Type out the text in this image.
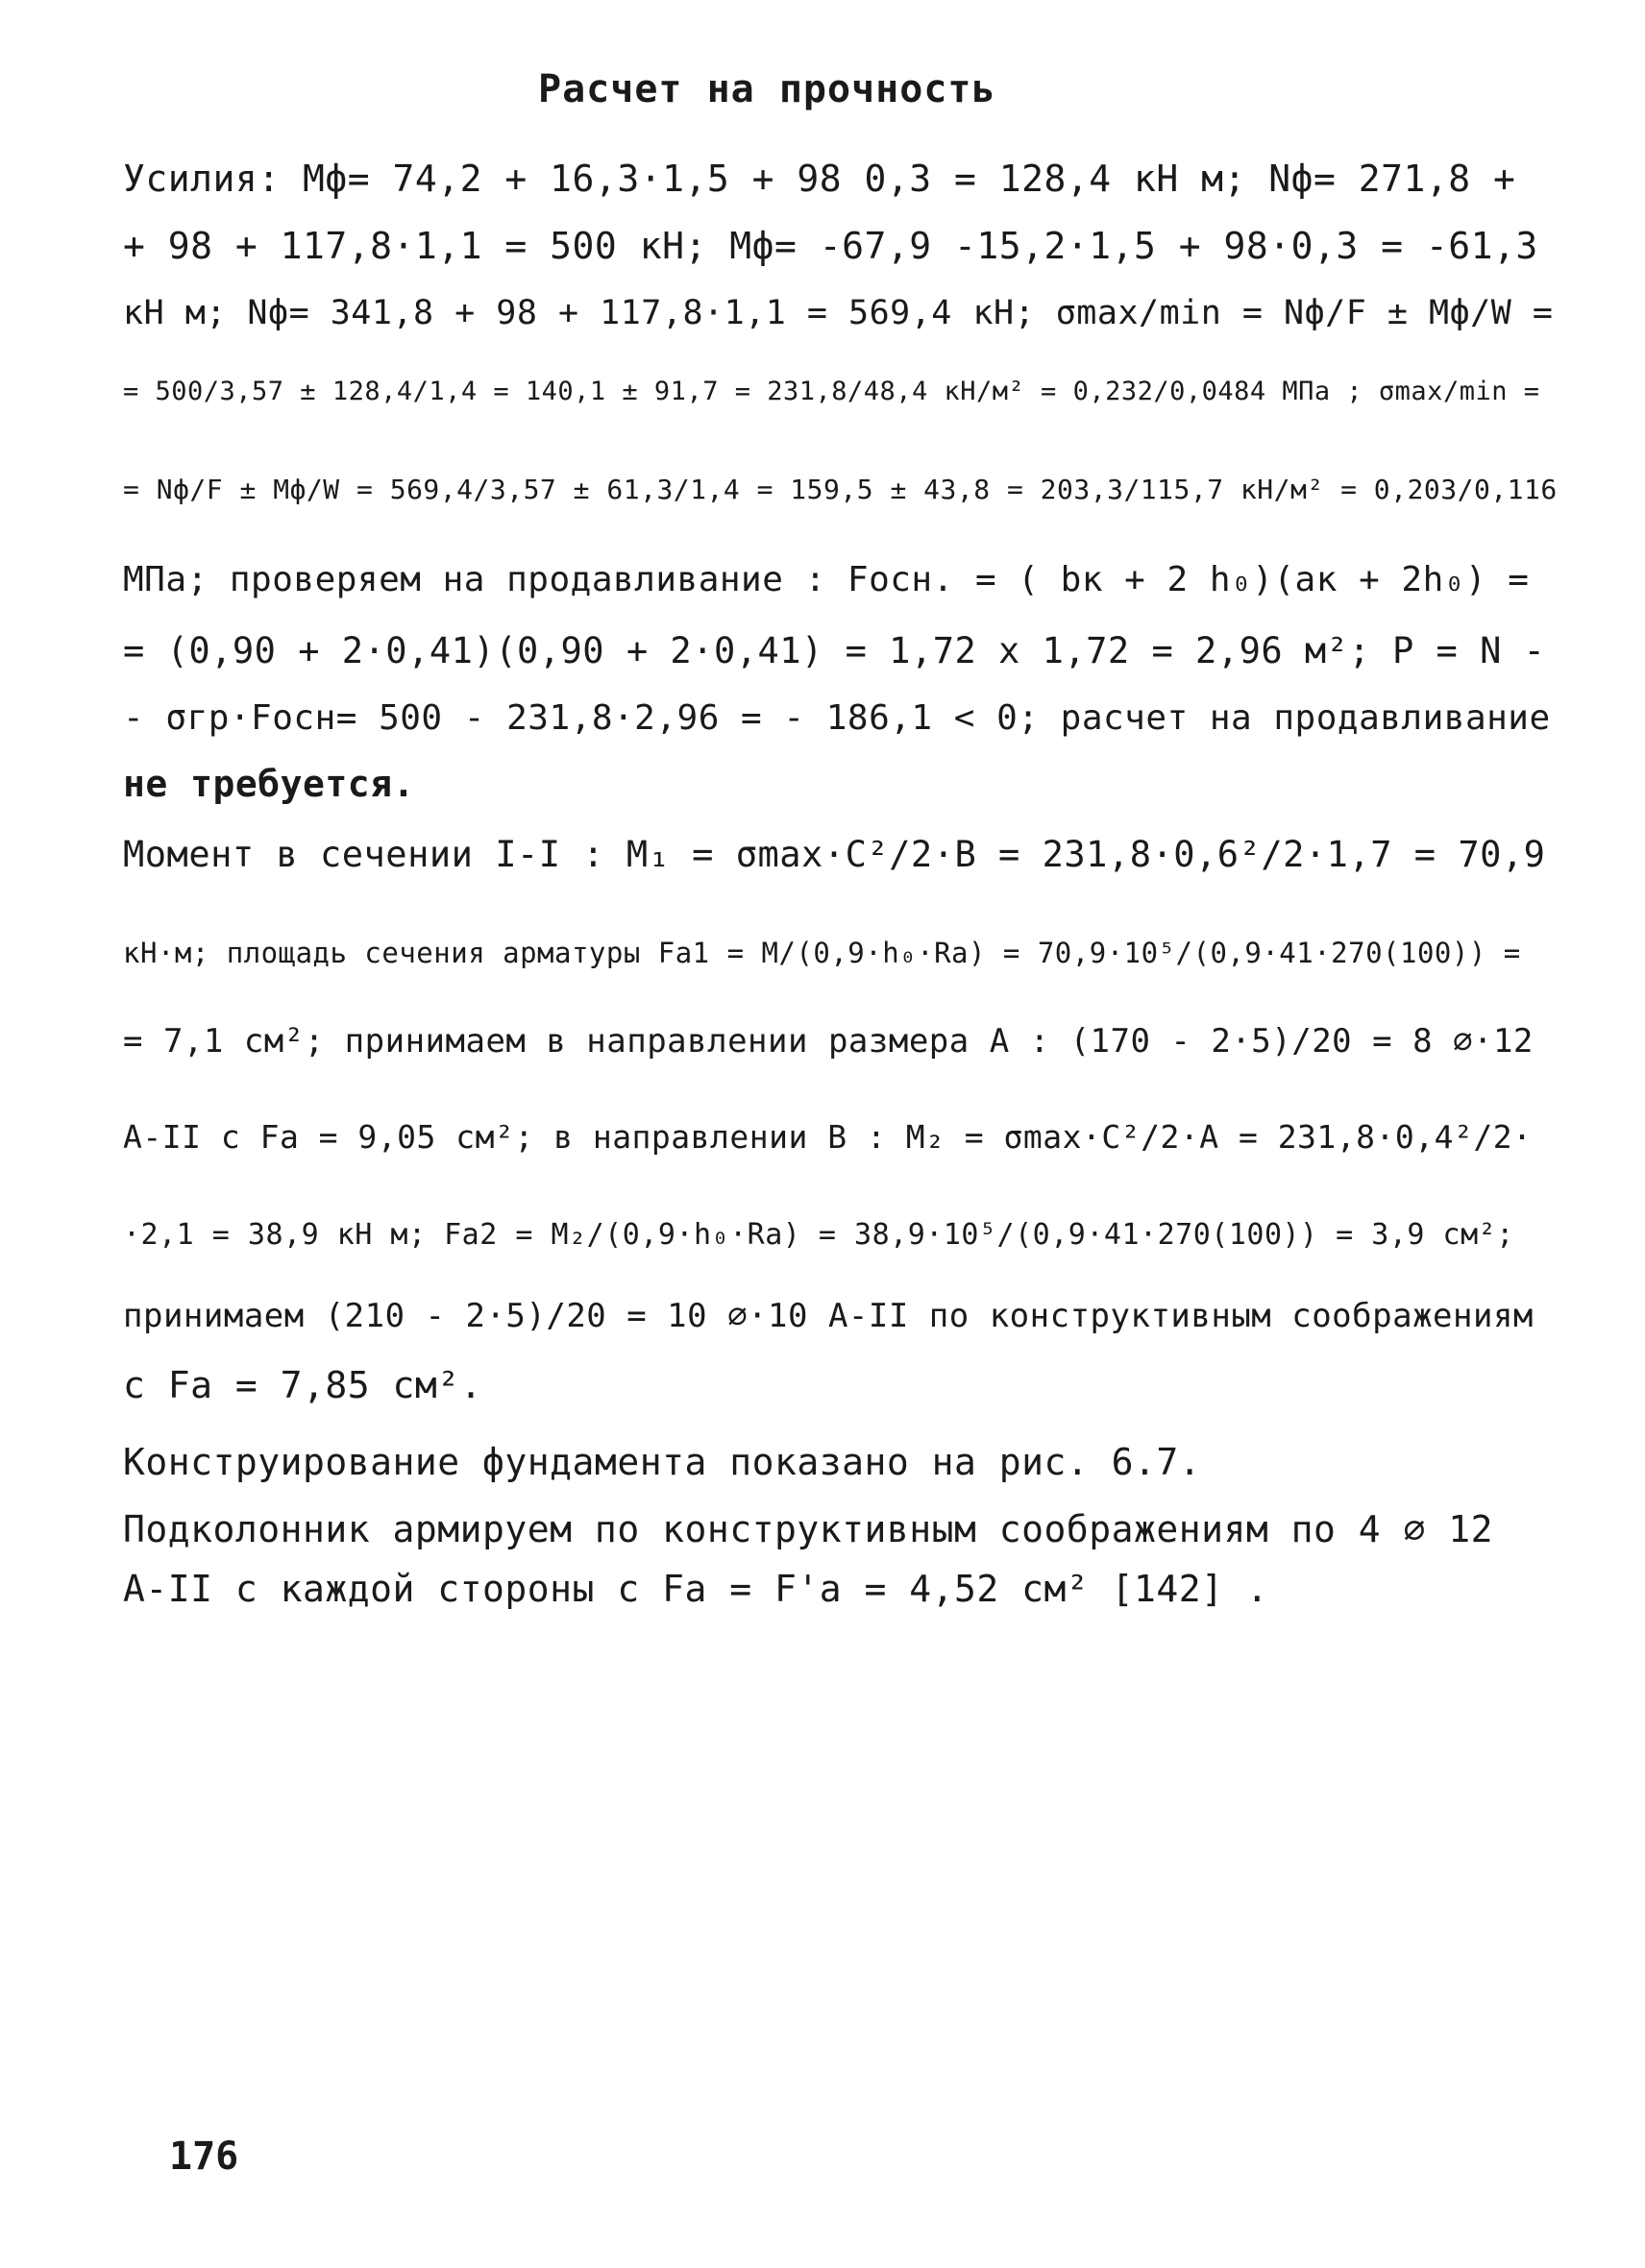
Расчет на прочность
Усилия: Mф= 74,2 + 16,3·1,5 + 98 0,3 = 128,4 кН м; Nф= 271,8 +
+ 98 + 117,8·1,1 = 500 кН; Mф= -67,9 -15,2·1,5 + 98·0,3 = -61,3
кН м; Nф= 341,8 + 98 + 117,8·1,1 = 569,4 кН; σmax/min = Nф/F ± Mф/W =
= 500/3,57 ± 128,4/1,4 = 140,1 ± 91,7 = 231,8/48,4 кН/м² = 0,232/0,0484 МПа ; σmax/min =
= Nф/F ± Mф/W = 569,4/3,57 ± 61,3/1,4 = 159,5 ± 43,8 = 203,3/115,7 кН/м² = 0,203/0,116
МПа; проверяем на продавливание : Fосн. = ( bк + 2 h₀)(aк + 2h₀) =
= (0,90 + 2·0,41)(0,90 + 2·0,41) = 1,72 x 1,72 = 2,96 м²; P = N -
- σгр·Fосн= 500 - 231,8·2,96 = - 186,1 < 0; расчет на продавливание
не требуется.
Момент в сечении I-I : M₁ = σmax·C²/2·B = 231,8·0,6²/2·1,7 = 70,9
кН·м; площадь сечения арматуры Fa1 = M/(0,9·h₀·Ra) = 70,9·10⁵/(0,9·41·270(100)) =
= 7,1 см²; принимаем в направлении размера A : (170 - 2·5)/20 = 8 ⌀·12
A-II с Fa = 9,05 см²; в направлении B : M₂ = σmax·C²/2·A = 231,8·0,4²/2·
·2,1 = 38,9 кН м; Fa2 = M₂/(0,9·h₀·Ra) = 38,9·10⁵/(0,9·41·270(100)) = 3,9 см²;
принимаем (210 - 2·5)/20 = 10 ⌀·10 A-II по конструктивным соображениям
с Fa = 7,85 см².
Конструирование фундамента показано на рис. 6.7.
Подколонник армируем по конструктивным соображениям по 4 ⌀ 12
A-II с каждой стороны с Fa = F'a = 4,52 см² [142] .
176
